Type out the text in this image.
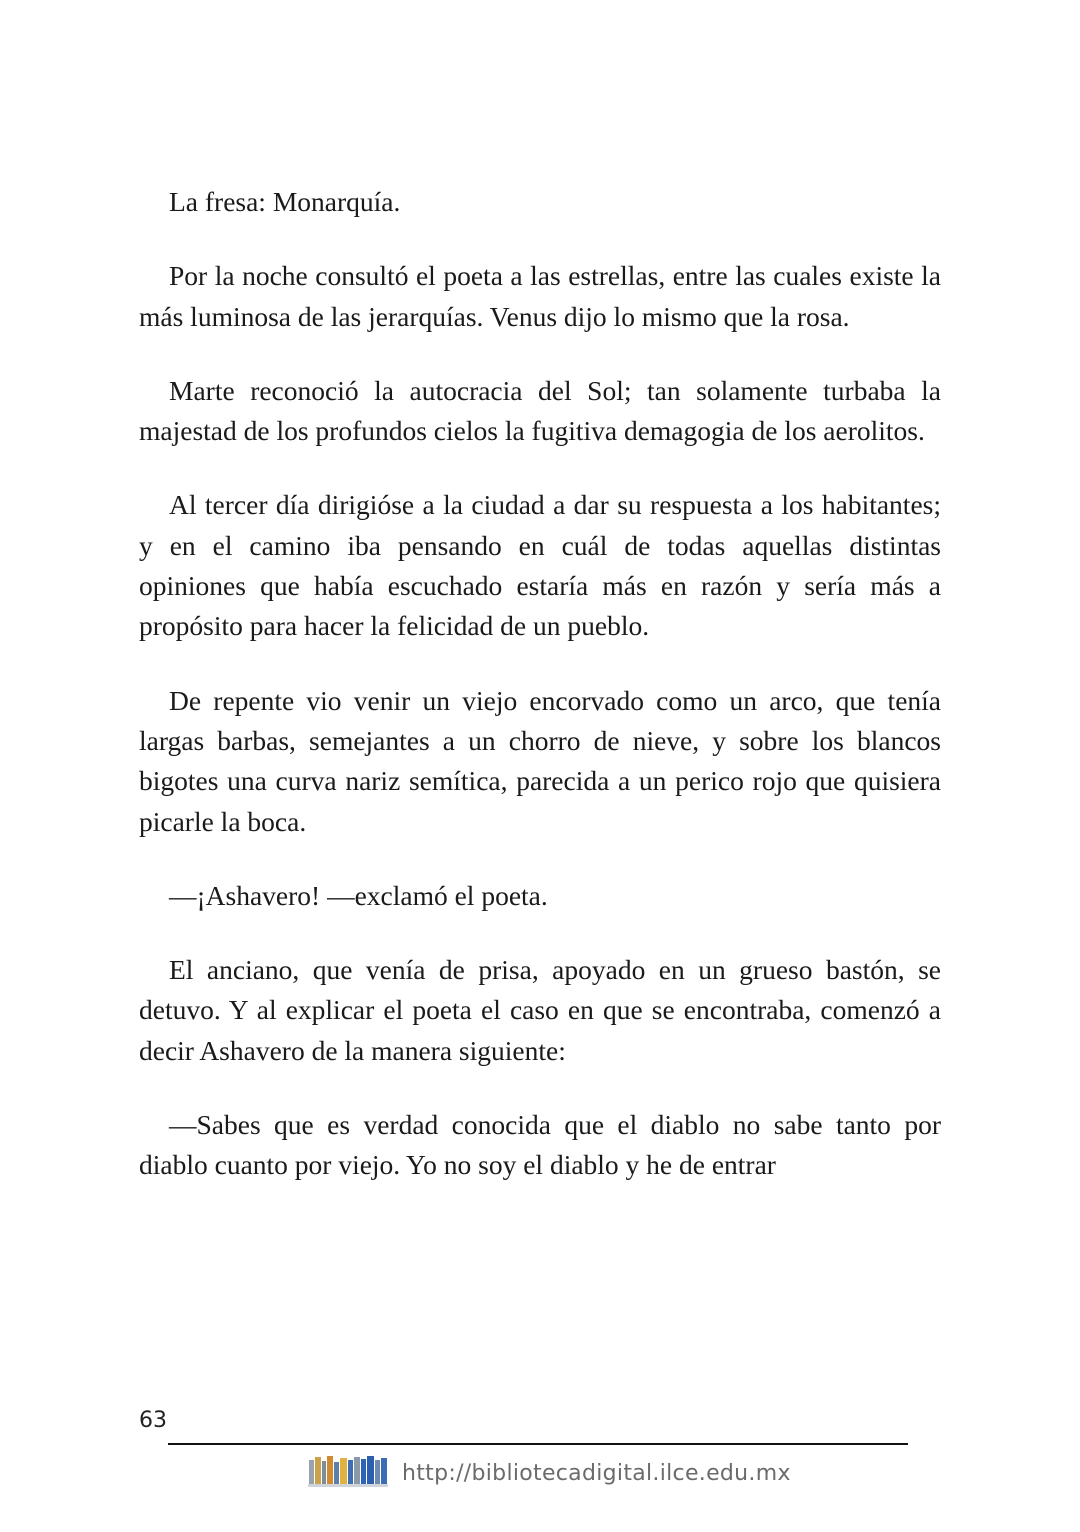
La fresa: Monarquía.

Por la noche consultó el poeta a las estrellas, entre las cuales existe la más luminosa de las jerarquías. Venus dijo lo mismo que la rosa.

Marte reconoció la autocracia del Sol; tan solamente turbaba la majestad de los profundos cielos la fugitiva demagogia de los aerolitos.

Al tercer día dirigióse a la ciudad a dar su respuesta a los habitantes; y en el camino iba pensando en cuál de todas aquellas distintas opiniones que había escuchado estaría más en razón y sería más a propósito para hacer la felicidad de un pueblo.

De repente vio venir un viejo encorvado como un arco, que tenía largas barbas, semejantes a un chorro de nieve, y sobre los blancos bigotes una curva nariz semítica, parecida a un perico rojo que quisiera picarle la boca.

—¡Ashavero! —exclamó el poeta.

El anciano, que venía de prisa, apoyado en un grueso bastón, se detuvo. Y al explicar el poeta el caso en que se encontraba, comenzó a decir Ashavero de la manera siguiente:

—Sabes que es verdad conocida que el diablo no sabe tanto por diablo cuanto por viejo. Yo no soy el diablo y he de entrar

63
http://bibliotecadigital.ilce.edu.mx
